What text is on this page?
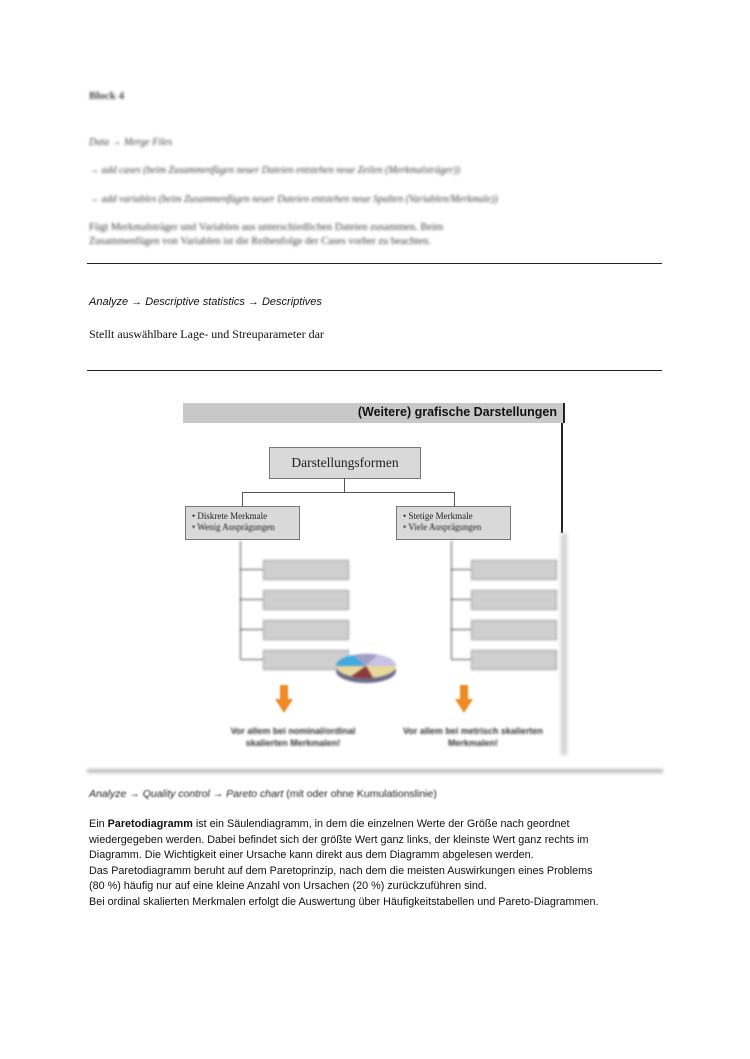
Block 4
Data → Merge Files
→ add cases (beim Zusammenfügen neuer Dateien entstehen neue Zeilen (Merkmalsträger))
→ add variables (beim Zusammenfügen neuer Dateien entstehen neue Spalten (Variablen/Merkmale))
Fügt Merkmalsträger und Variablen aus unterschiedlichen Dateien zusammen. Beim
Zusammenfügen von Variablen ist die Reihenfolge der Cases vorher zu beachten.
Analyze → Descriptive statistics → Descriptives
Stellt auswählbare Lage- und Streuparameter dar
(Weitere) grafische Darstellungen
Darstellungsformen
• Diskrete Merkmale
• Wenig Ausprägungen
• Stetige Merkmale
• Viele Ausprägungen
Vor allem bei nominal/ordinal skalierten Merkmalen!
Vor allem bei metrisch skalierten Merkmalen!
Analyze → Quality control → Pareto chart (mit oder ohne Kumulationslinie)

Ein Paretodiagramm ist ein Säulendiagramm, in dem die einzelnen Werte der Größe nach geordnet

wiedergegeben werden. Dabei befindet sich der größte Wert ganz links, der kleinste Wert ganz rechts im

Diagramm. Die Wichtigkeit einer Ursache kann direkt aus dem Diagramm abgelesen werden.

Das Paretodiagramm beruht auf dem Paretoprinzip, nach dem die meisten Auswirkungen eines Problems

(80 %) häufig nur auf eine kleine Anzahl von Ursachen (20 %) zurückzuführen sind.

Bei ordinal skalierten Merkmalen erfolgt die Auswertung über Häufigkeitstabellen und Pareto-Diagrammen.
